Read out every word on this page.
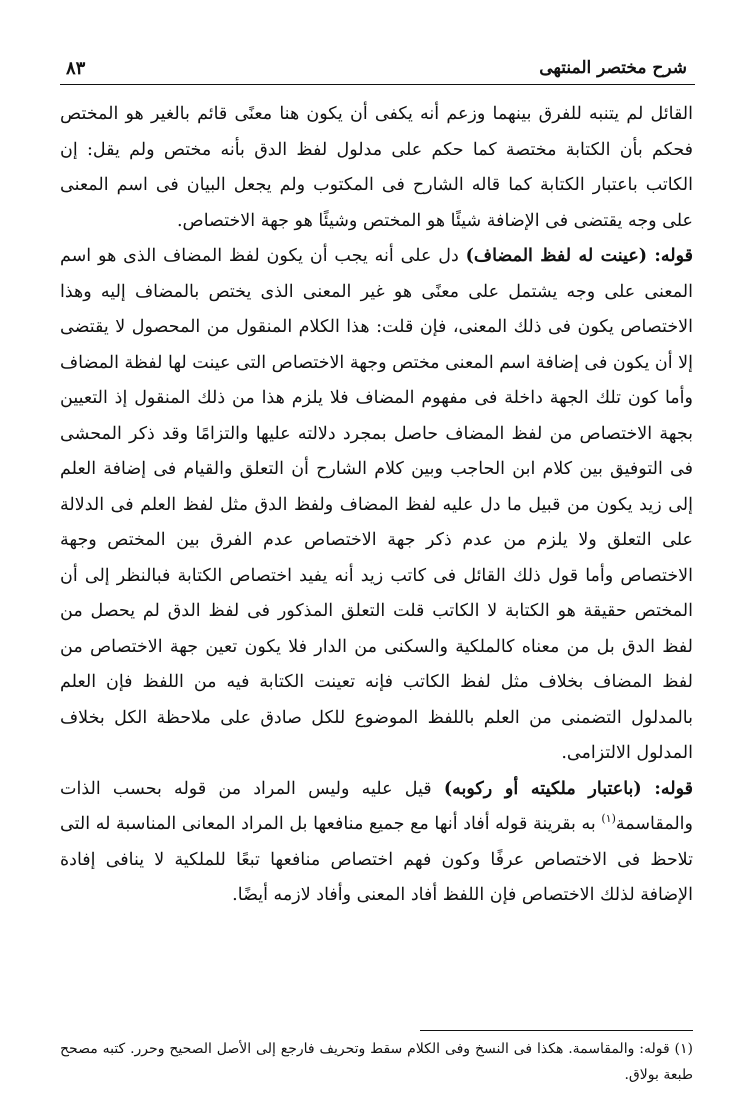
٨٣	شرح مختصر المنتهى

القائل لم يتنبه للفرق بينهما وزعم أنه يكفى أن يكون هنا معنًى قائم بالغير هو المختص فحكم بأن الكتابة مختصة كما حكم على مدلول لفظ الدق بأنه مختص ولم يقل: إن الكاتب باعتبار الكتابة كما قاله الشارح فى المكتوب ولم يجعل البيان فى اسم المعنى على وجه يقتضى فى الإضافة شيئًا هو المختص وشيئًا هو جهة الاختصاص.

قوله: (عينت له لفظ المضاف) دل على أنه يجب أن يكون لفظ المضاف الذى هو اسم المعنى على وجه يشتمل على معنًى هو غير المعنى الذى يختص بالمضاف إليه وهذا الاختصاص يكون فى ذلك المعنى، فإن قلت: هذا الكلام المنقول من المحصول لا يقتضى إلا أن يكون فى إضافة اسم المعنى مختص وجهة الاختصاص التى عينت لها لفظة المضاف وأما كون تلك الجهة داخلة فى مفهوم المضاف فلا يلزم هذا من ذلك المنقول إذ التعيين بجهة الاختصاص من لفظ المضاف حاصل بمجرد دلالته عليها والتزامًا وقد ذكر المحشى فى التوفيق بين كلام ابن الحاجب وبين كلام الشارح أن التعلق والقيام فى إضافة العلم إلى زيد يكون من قبيل ما دل عليه لفظ المضاف ولفظ الدق مثل لفظ العلم فى الدلالة على التعلق ولا يلزم من عدم ذكر جهة الاختصاص عدم الفرق بين المختص وجهة الاختصاص وأما قول ذلك القائل فى كاتب زيد أنه يفيد اختصاص الكتابة فبالنظر إلى أن المختص حقيقة هو الكتابة لا الكاتب قلت التعلق المذكور فى لفظ الدق لم يحصل من لفظ الدق بل من معناه كالملكية والسكنى من الدار فلا يكون تعين جهة الاختصاص من لفظ المضاف بخلاف مثل لفظ الكاتب فإنه تعينت الكتابة فيه من اللفظ فإن العلم بالمدلول التضمنى من العلم باللفظ الموضوع للكل صادق على ملاحظة الكل بخلاف المدلول الالتزامى.

قوله: (باعتبار ملكيته أو ركوبه) قيل عليه وليس المراد من قوله بحسب الذات والمقاسمة$^{(١)}$ به بقرينة قوله أفاد أنها مع جميع منافعها بل المراد المعانى المناسبة له التى تلاحظ فى الاختصاص عرفًا وكون فهم اختصاص منافعها تبعًا للملكية لا ينافى إفادة الإضافة لذلك الاختصاص فإن اللفظ أفاد المعنى وأفاد لازمه أيضًا.

(١) قوله: والمقاسمة. هكذا فى النسخ وفى الكلام سقط وتحريف فارجع إلى الأصل الصحيح وحرر. كتبه مصحح طبعة بولاق.
